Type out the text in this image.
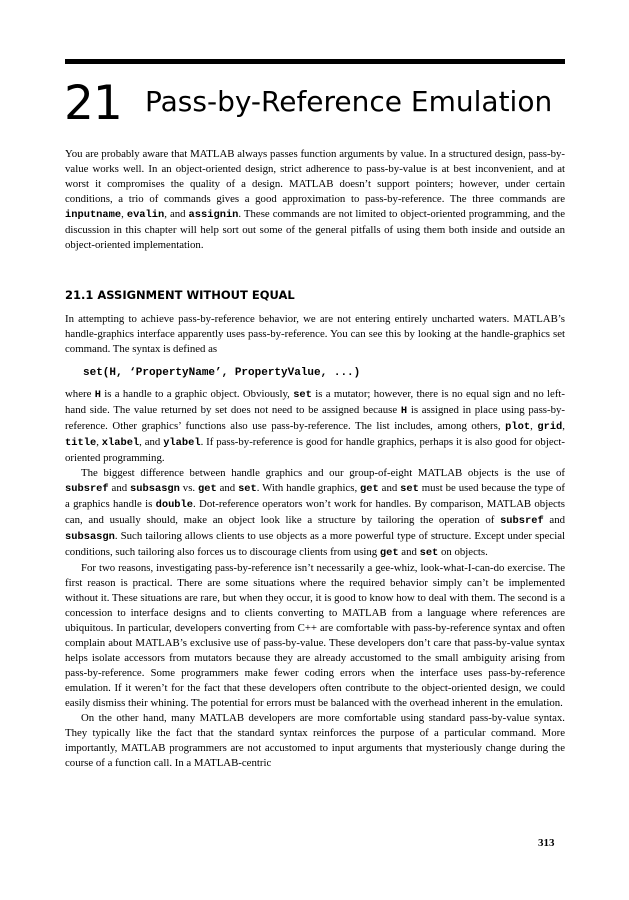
21 Pass-by-Reference Emulation

You are probably aware that MATLAB always passes function arguments by value. In a structured design, pass-by-value works well. In an object-oriented design, strict adherence to pass-by-value is at best inconvenient, and at worst it compromises the quality of a design. MATLAB doesn’t support pointers; however, under certain conditions, a trio of commands gives a good approximation to pass-by-reference. The three commands are inputname, evalin, and assignin. These commands are not limited to object-oriented programming, and the discussion in this chapter will help sort out some of the general pitfalls of using them both inside and outside an object-oriented implementation.

21.1 ASSIGNMENT WITHOUT EQUAL

In attempting to achieve pass-by-reference behavior, we are not entering entirely uncharted waters. MATLAB’s handle-graphics interface apparently uses pass-by-reference. You can see this by looking at the handle-graphics set command. The syntax is defined as

set(H, ‘PropertyName’, PropertyValue, ...)

where H is a handle to a graphic object. Obviously, set is a mutator; however, there is no equal sign and no left-hand side. The value returned by set does not need to be assigned because H is assigned in place using pass-by-reference. Other graphics’ functions also use pass-by-reference. The list includes, among others, plot, grid, title, xlabel, and ylabel. If pass-by-reference is good for handle graphics, perhaps it is also good for object-oriented programming.

The biggest difference between handle graphics and our group-of-eight MATLAB objects is the use of subsref and subsasgn vs. get and set. With handle graphics, get and set must be used because the type of a graphics handle is double. Dot-reference operators won’t work for handles. By comparison, MATLAB objects can, and usually should, make an object look like a structure by tailoring the operation of subsref and subsasgn. Such tailoring allows clients to use objects as a more powerful type of structure. Except under special conditions, such tailoring also forces us to discourage clients from using get and set on objects.

For two reasons, investigating pass-by-reference isn’t necessarily a gee-whiz, look-what-I-can-do exercise. The first reason is practical. There are some situations where the required behavior simply can’t be implemented without it. These situations are rare, but when they occur, it is good to know how to deal with them. The second is a concession to interface designs and to clients converting to MATLAB from a language where references are ubiquitous. In particular, developers converting from C++ are comfortable with pass-by-reference syntax and often complain about MATLAB’s exclusive use of pass-by-value. These developers don’t care that pass-by-value syntax helps isolate accessors from mutators because they are already accustomed to the small ambiguity arising from pass-by-reference. Some programmers make fewer coding errors when the interface uses pass-by-reference emulation. If it weren’t for the fact that these developers often contribute to the object-oriented design, we could easily dismiss their whining. The potential for errors must be balanced with the overhead inherent in the emulation.

On the other hand, many MATLAB developers are more comfortable using standard pass-by-value syntax. They typically like the fact that the standard syntax reinforces the purpose of a particular command. More importantly, MATLAB programmers are not accustomed to input arguments that mysteriously change during the course of a function call. In a MATLAB-centric

313
